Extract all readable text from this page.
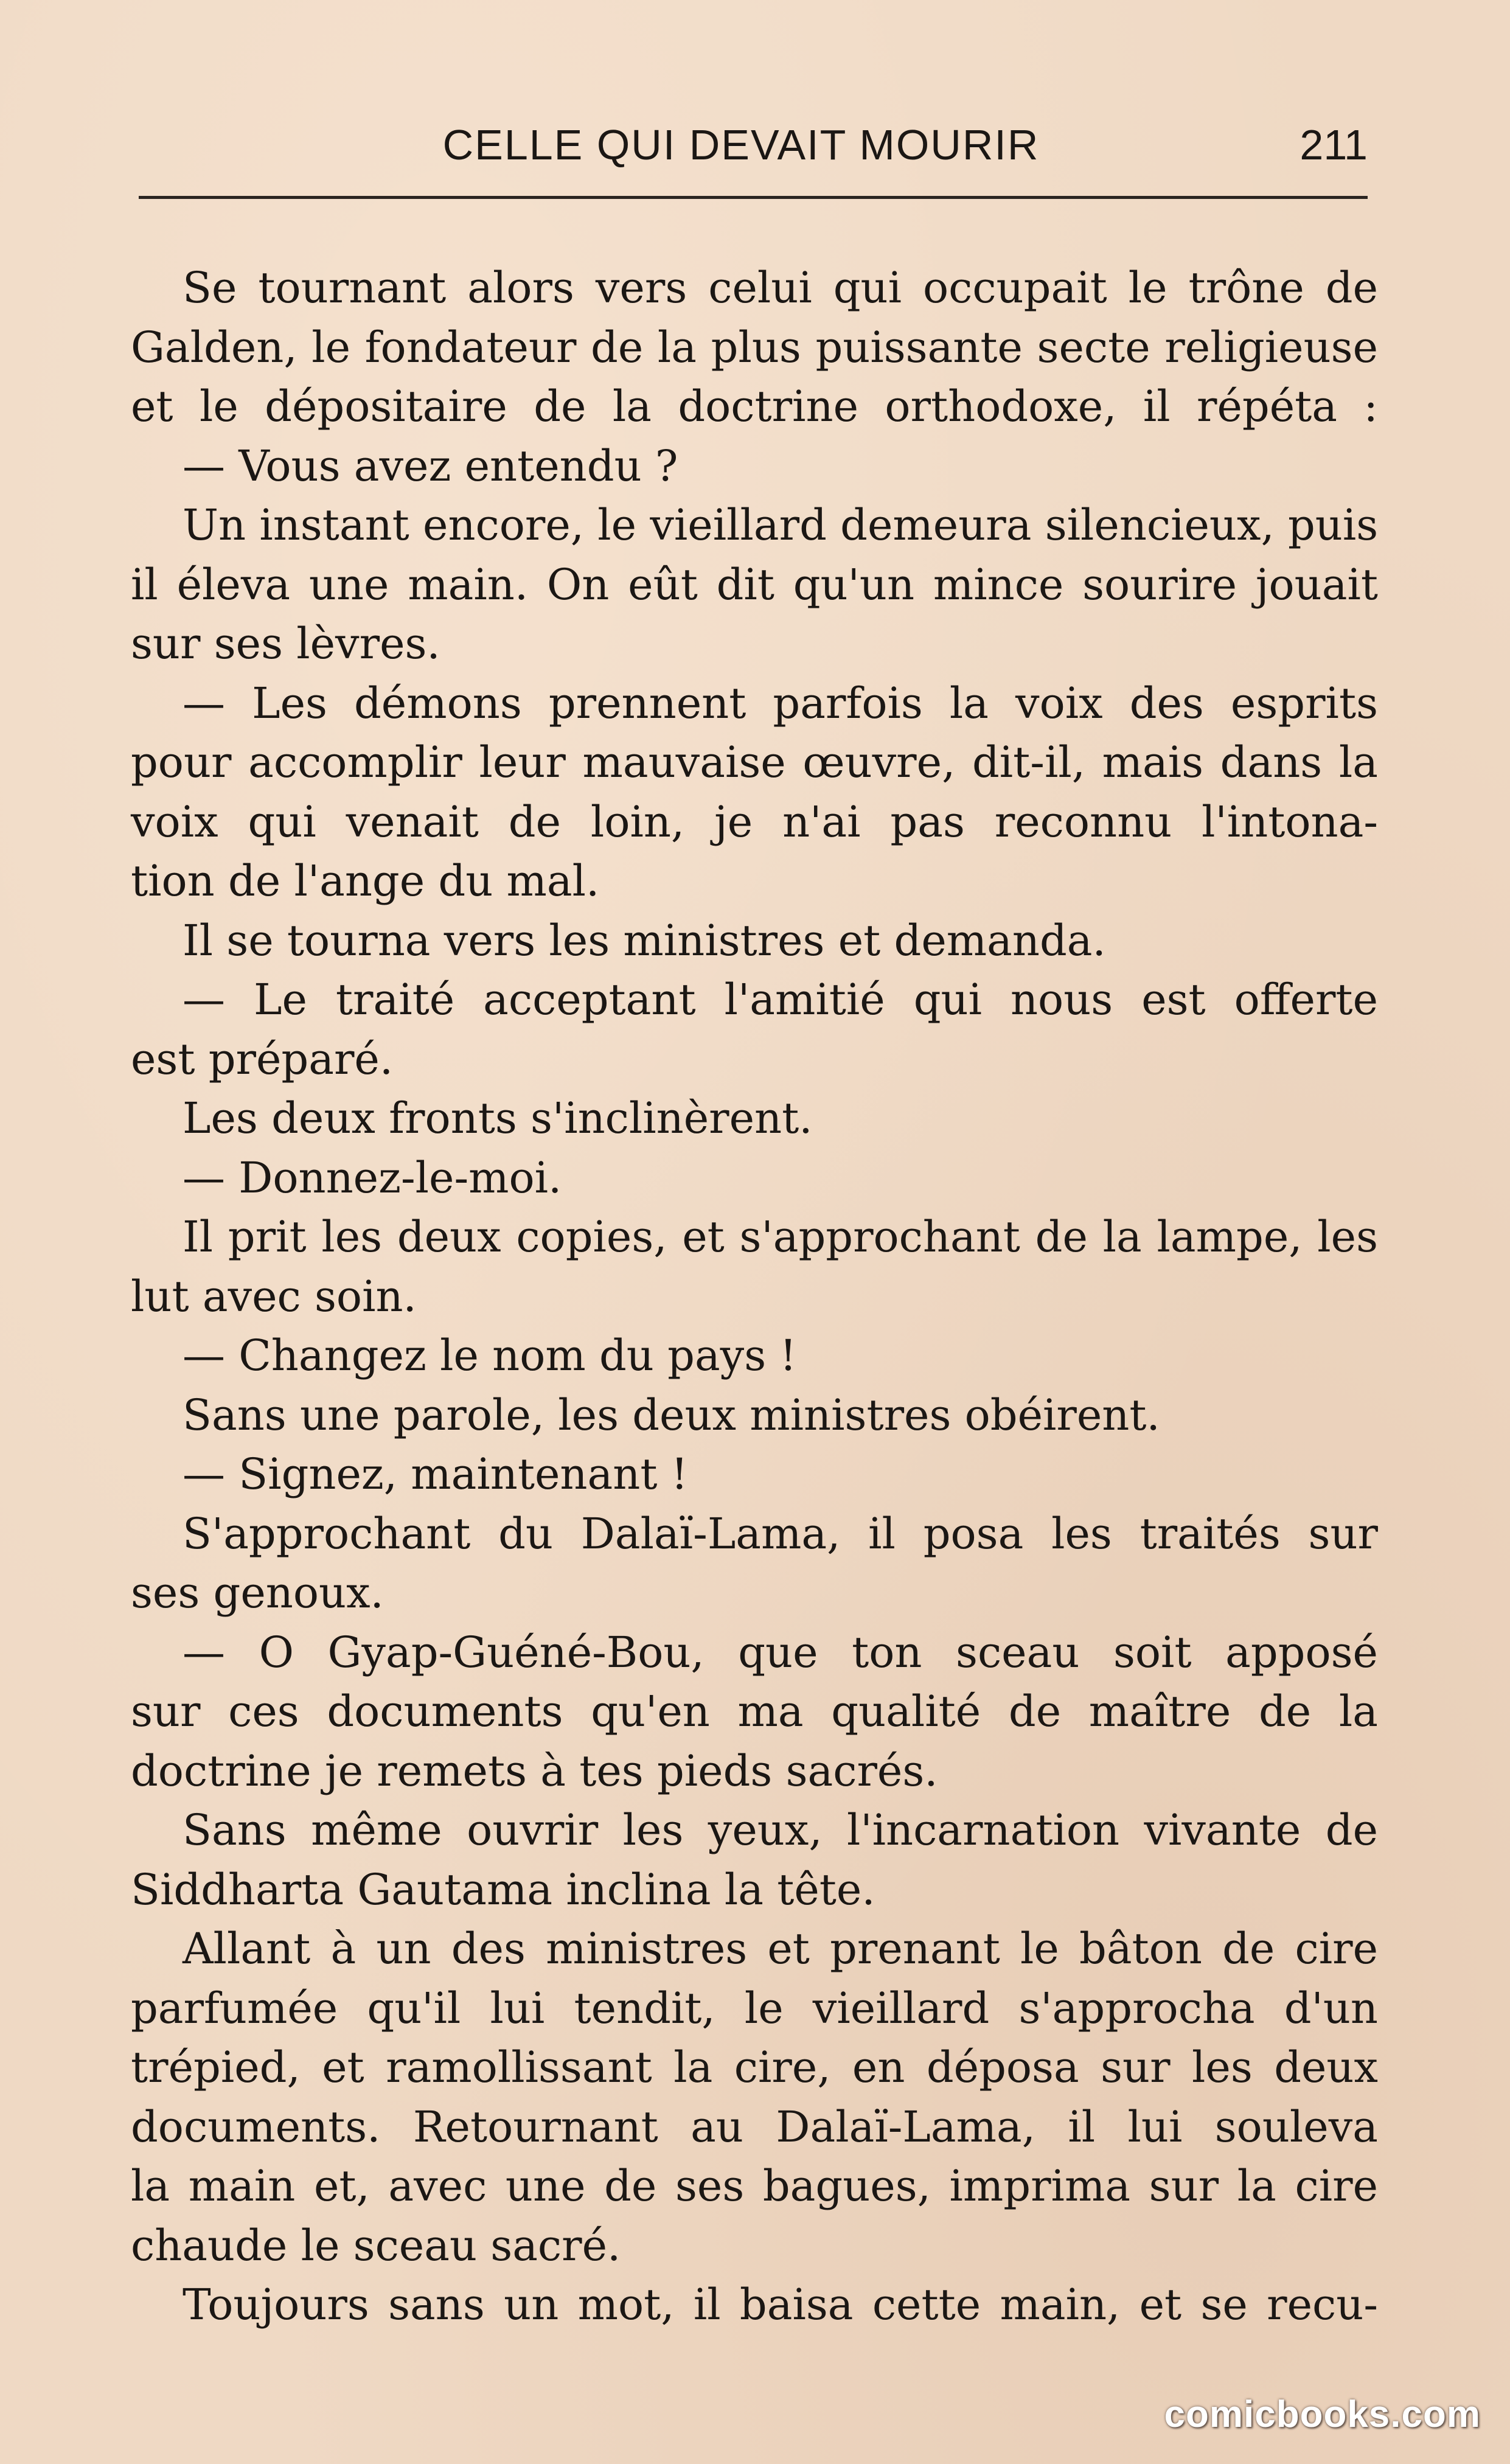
CELLE QUI DEVAIT MOURIR	211
Se tournant alors vers celui qui occupait le trône de
Galden, le fondateur de la plus puissante secte religieuse
et le dépositaire de la doctrine orthodoxe, il répéta :
— Vous avez entendu ?
Un instant encore, le vieillard demeura silencieux, puis
il éleva une main. On eût dit qu'un mince sourire jouait
sur ses lèvres.
— Les démons prennent parfois la voix des esprits
pour accomplir leur mauvaise œuvre, dit-il, mais dans la
voix qui venait de loin, je n'ai pas reconnu l'intona-
tion de l'ange du mal.
Il se tourna vers les ministres et demanda.
— Le traité acceptant l'amitié qui nous est offerte
est préparé.
Les deux fronts s'inclinèrent.
— Donnez-le-moi.
Il prit les deux copies, et s'approchant de la lampe, les
lut avec soin.
— Changez le nom du pays !
Sans une parole, les deux ministres obéirent.
— Signez, maintenant !
S'approchant du Dalaï-Lama, il posa les traités sur
ses genoux.
— O Gyap-Guéné-Bou, que ton sceau soit apposé
sur ces documents qu'en ma qualité de maître de la
doctrine je remets à tes pieds sacrés.
Sans même ouvrir les yeux, l'incarnation vivante de
Siddharta Gautama inclina la tête.
Allant à un des ministres et prenant le bâton de cire
parfumée qu'il lui tendit, le vieillard s'approcha d'un
trépied, et ramollissant la cire, en déposa sur les deux
documents. Retournant au Dalaï-Lama, il lui souleva
la main et, avec une de ses bagues, imprima sur la cire
chaude le sceau sacré.
Toujours sans un mot, il baisa cette main, et se recu-
comicbooks.com
